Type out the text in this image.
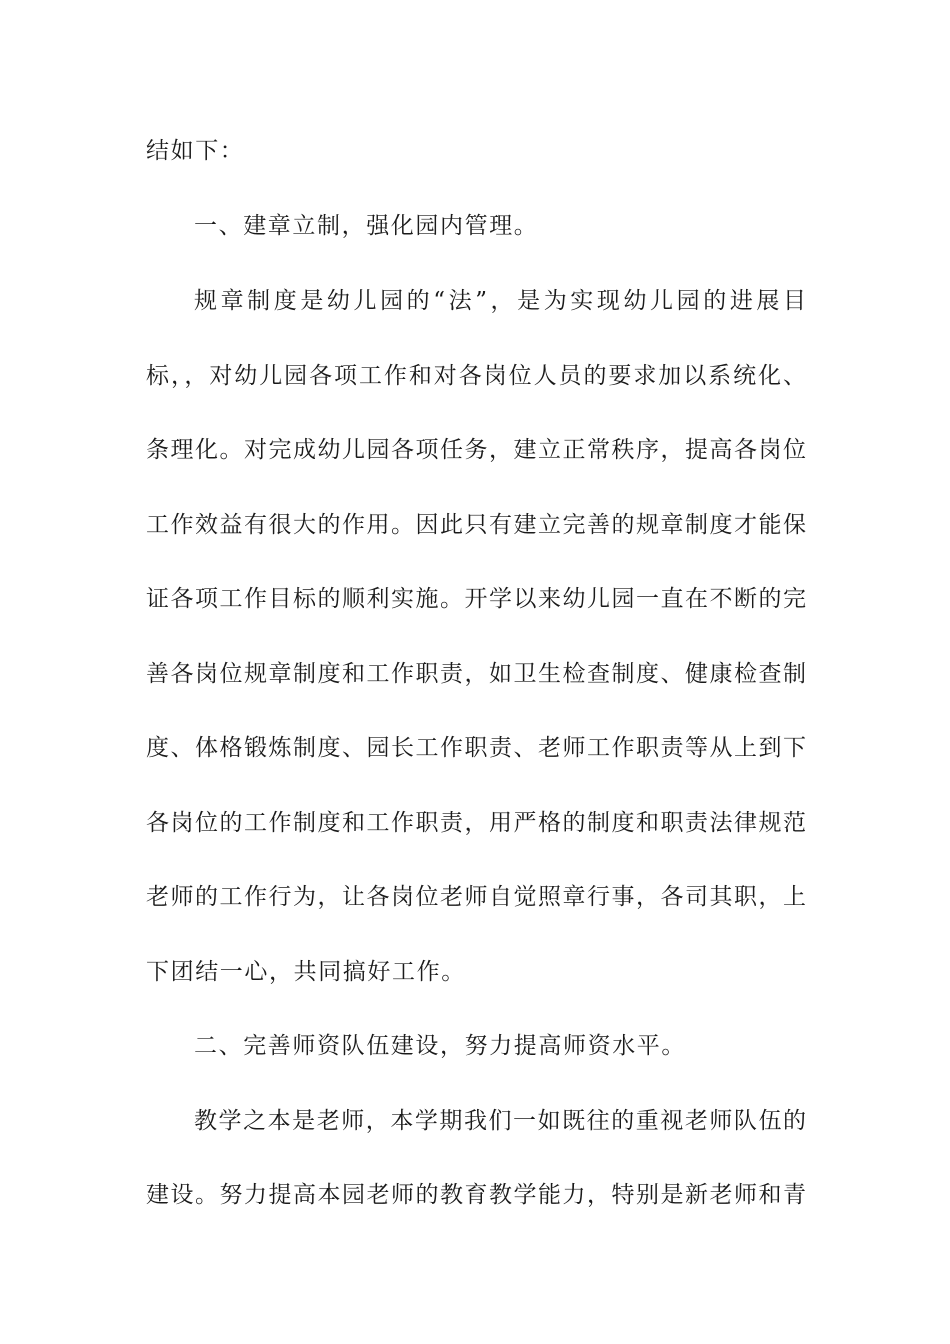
结如下：
一、建章立制，强化园内管理。
规章制度是幼儿园的“法”，是为实现幼儿园的进展目
标，，对幼儿园各项工作和对各岗位人员的要求加以系统化、
条理化。对完成幼儿园各项任务，建立正常秩序，提高各岗位
工作效益有很大的作用。因此只有建立完善的规章制度才能保
证各项工作目标的顺利实施。开学以来幼儿园一直在不断的完
善各岗位规章制度和工作职责，如卫生检查制度、健康检查制
度、体格锻炼制度、园长工作职责、老师工作职责等从上到下
各岗位的工作制度和工作职责，用严格的制度和职责法律规范
老师的工作行为，让各岗位老师自觉照章行事，各司其职，上
下团结一心，共同搞好工作。
二、完善师资队伍建设，努力提高师资水平。
教学之本是老师，本学期我们一如既往的重视老师队伍的
建设。努力提高本园老师的教育教学能力，特别是新老师和青
